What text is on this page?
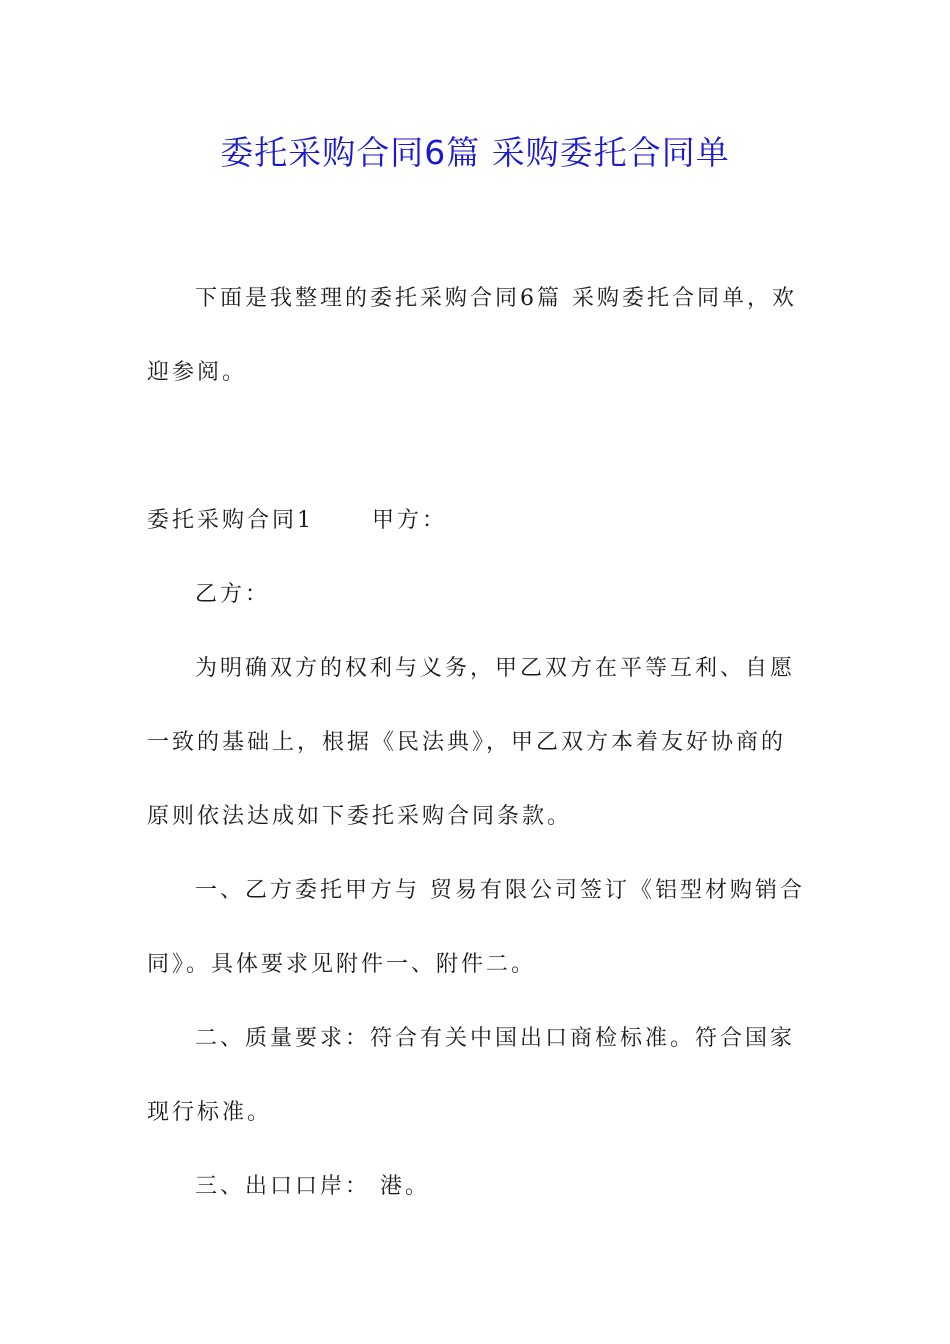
委托采购合同6篇 采购委托合同单

下面是我整理的委托采购合同6篇 采购委托合同单，欢迎参阅。

委托采购合同1	甲方：

乙方：

为明确双方的权利与义务，甲乙双方在平等互利、自愿一致的基础上，根据《民法典》，甲乙双方本着友好协商的原则依法达成如下委托采购合同条款。

一、乙方委托甲方与 贸易有限公司签订《铝型材购销合同》。具体要求见附件一、附件二。

二、质量要求：符合有关中国出口商检标准。符合国家现行标准。

三、出口口岸： 港。
